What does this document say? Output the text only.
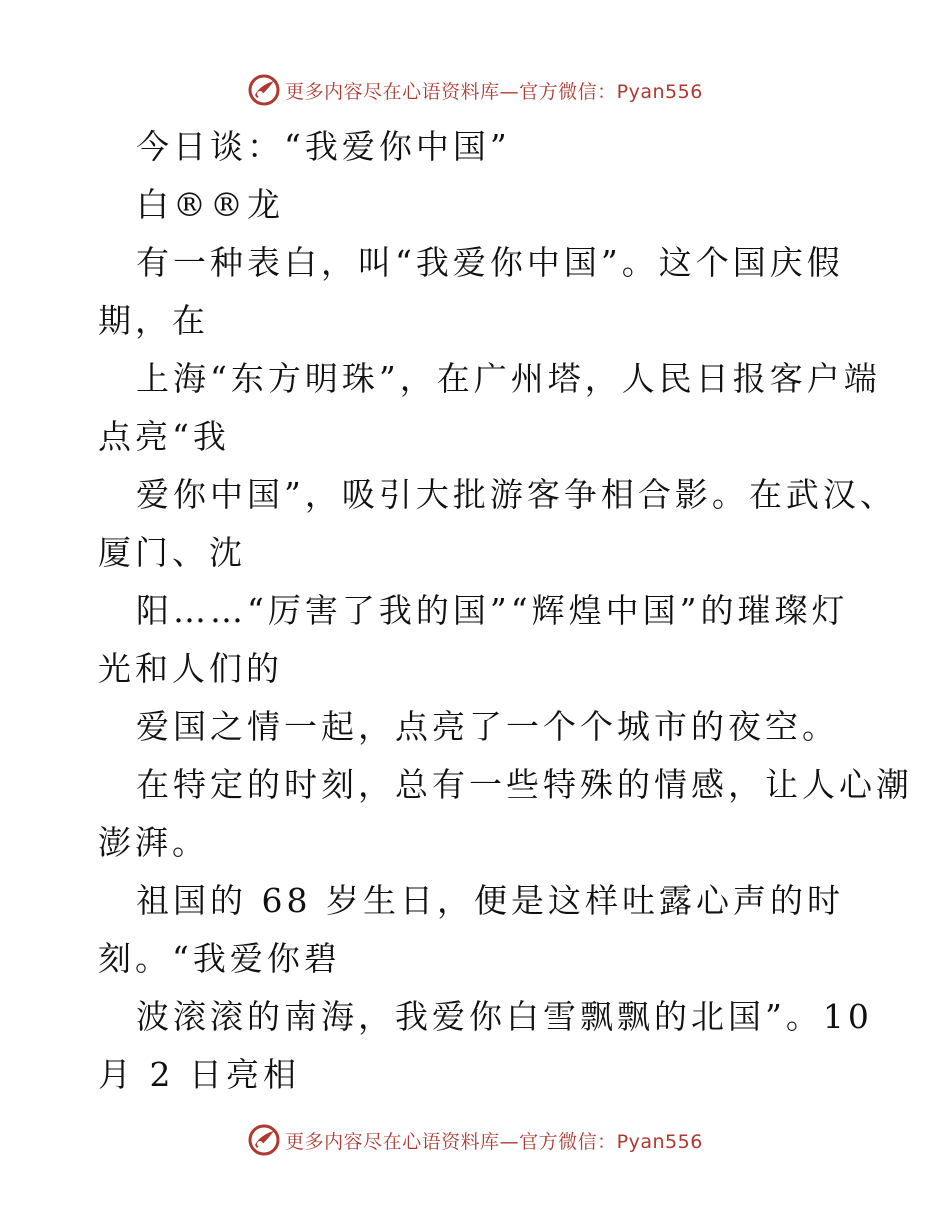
更多内容尽在心语资料库—官方微信：Pyan556
今日谈：“我爱你中国”
白®®龙
有一种表白，叫“我爱你中国”。这个国庆假
期，在
上海“东方明珠”，在广州塔，人民日报客户端
点亮“我
爱你中国”，吸引大批游客争相合影。在武汉、
厦门、沈
阳……“厉害了我的国”“辉煌中国”的璀璨灯
光和人们的
爱国之情一起，点亮了一个个城市的夜空。
在特定的时刻，总有一些特殊的情感，让人心潮
澎湃。
祖国的 68 岁生日，便是这样吐露心声的时
刻。“我爱你碧
波滚滚的南海，我爱你白雪飘飘的北国”。10
月 2 日亮相
更多内容尽在心语资料库—官方微信：Pyan556
